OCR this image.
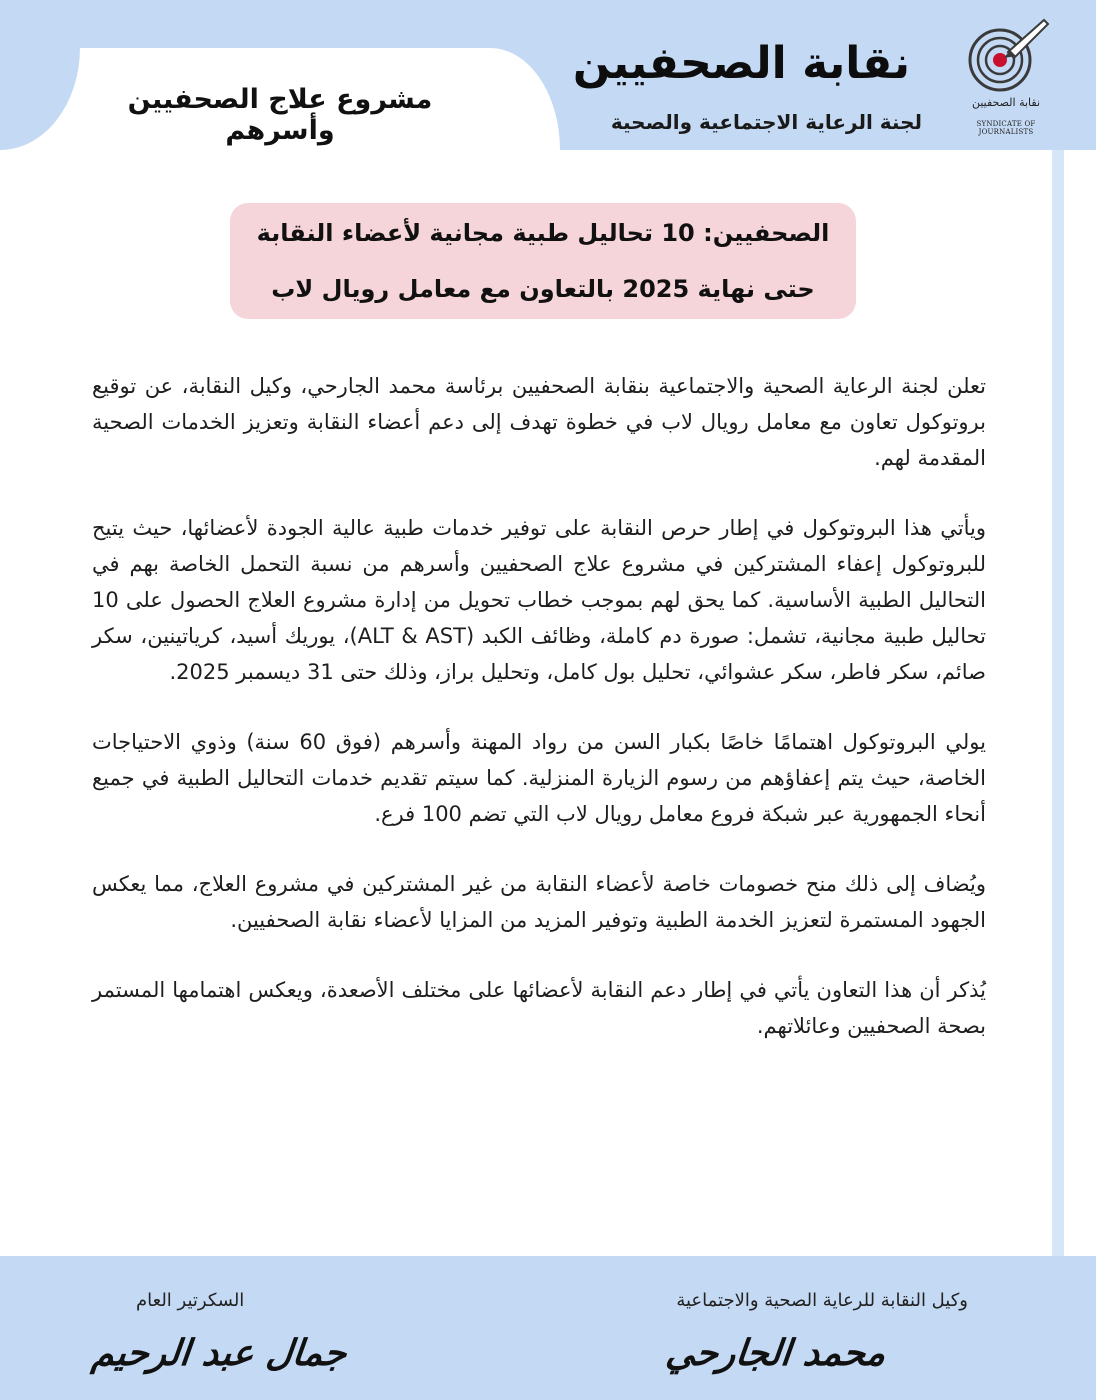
مشروع علاج الصحفيين وأسرهم
نقابة الصحفيين
لجنة الرعاية الاجتماعية والصحية
نقابة الصحفيين
SYNDICATE OF JOURNALISTS
الصحفيين: 10 تحاليل طبية مجانية لأعضاء النقابة
حتى نهاية 2025 بالتعاون مع معامل رويال لاب

تعلن لجنة الرعاية الصحية والاجتماعية بنقابة الصحفيين برئاسة محمد الجارحي، وكيل النقابة، عن توقيع بروتوكول تعاون مع معامل رويال لاب في خطوة تهدف إلى دعم أعضاء النقابة وتعزيز الخدمات الصحية المقدمة لهم.

ويأتي هذا البروتوكول في إطار حرص النقابة على توفير خدمات طبية عالية الجودة لأعضائها، حيث يتيح للبروتوكول إعفاء المشتركين في مشروع علاج الصحفيين وأسرهم من نسبة التحمل الخاصة بهم في التحاليل الطبية الأساسية. كما يحق لهم بموجب خطاب تحويل من إدارة مشروع العلاج الحصول على 10 تحاليل طبية مجانية، تشمل: صورة دم كاملة، وظائف الكبد (ALT & AST)، يوريك أسيد، كرياتينين، سكر صائم، سكر فاطر، سكر عشوائي، تحليل بول كامل، وتحليل براز، وذلك حتى 31 ديسمبر 2025.

يولي البروتوكول اهتمامًا خاصًا بكبار السن من رواد المهنة وأسرهم (فوق 60 سنة) وذوي الاحتياجات الخاصة، حيث يتم إعفاؤهم من رسوم الزيارة المنزلية. كما سيتم تقديم خدمات التحاليل الطبية في جميع أنحاء الجمهورية عبر شبكة فروع معامل رويال لاب التي تضم 100 فرع.

ويُضاف إلى ذلك منح خصومات خاصة لأعضاء النقابة من غير المشتركين في مشروع العلاج، مما يعكس الجهود المستمرة لتعزيز الخدمة الطبية وتوفير المزيد من المزايا لأعضاء نقابة الصحفيين.

يُذكر أن هذا التعاون يأتي في إطار دعم النقابة لأعضائها على مختلف الأصعدة، ويعكس اهتمامها المستمر بصحة الصحفيين وعائلاتهم.

وكيل النقابة للرعاية الصحية والاجتماعية
محمد الجارحي
السكرتير العام
جمال عبد الرحيم
